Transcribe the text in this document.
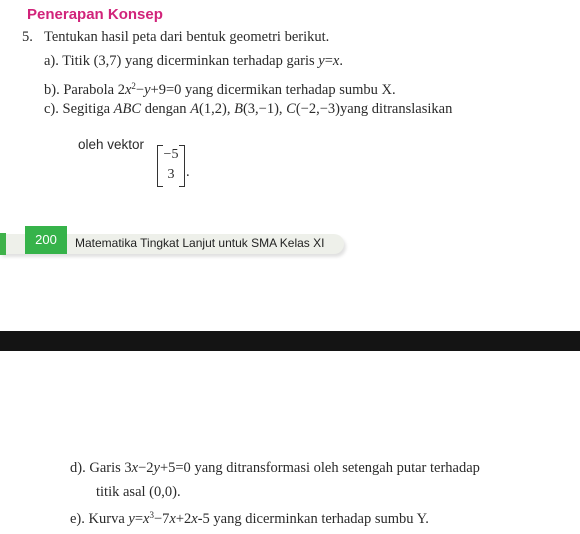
Penerapan Konsep
5. Tentukan hasil peta dari bentuk geometri berikut.
a). Titik (3,7) yang dicerminkan terhadap garis y=x.
b). Parabola $2x^2-y+9=0$ yang dicermikan terhadap sumbu X.
c). Segitiga ABC dengan A(1,2), B(3,−1), C(−2,−3)yang ditranslasikan
oleh vektor
−5
3 .
200	Matematika Tingkat Lanjut untuk SMA Kelas XI
d). Garis 3x−2y+5=0 yang ditransformasi oleh setengah putar terhadap
titik asal (0,0).
e). Kurva $y=x^3-7x+2x-5$ yang dicerminkan terhadap sumbu Y.
